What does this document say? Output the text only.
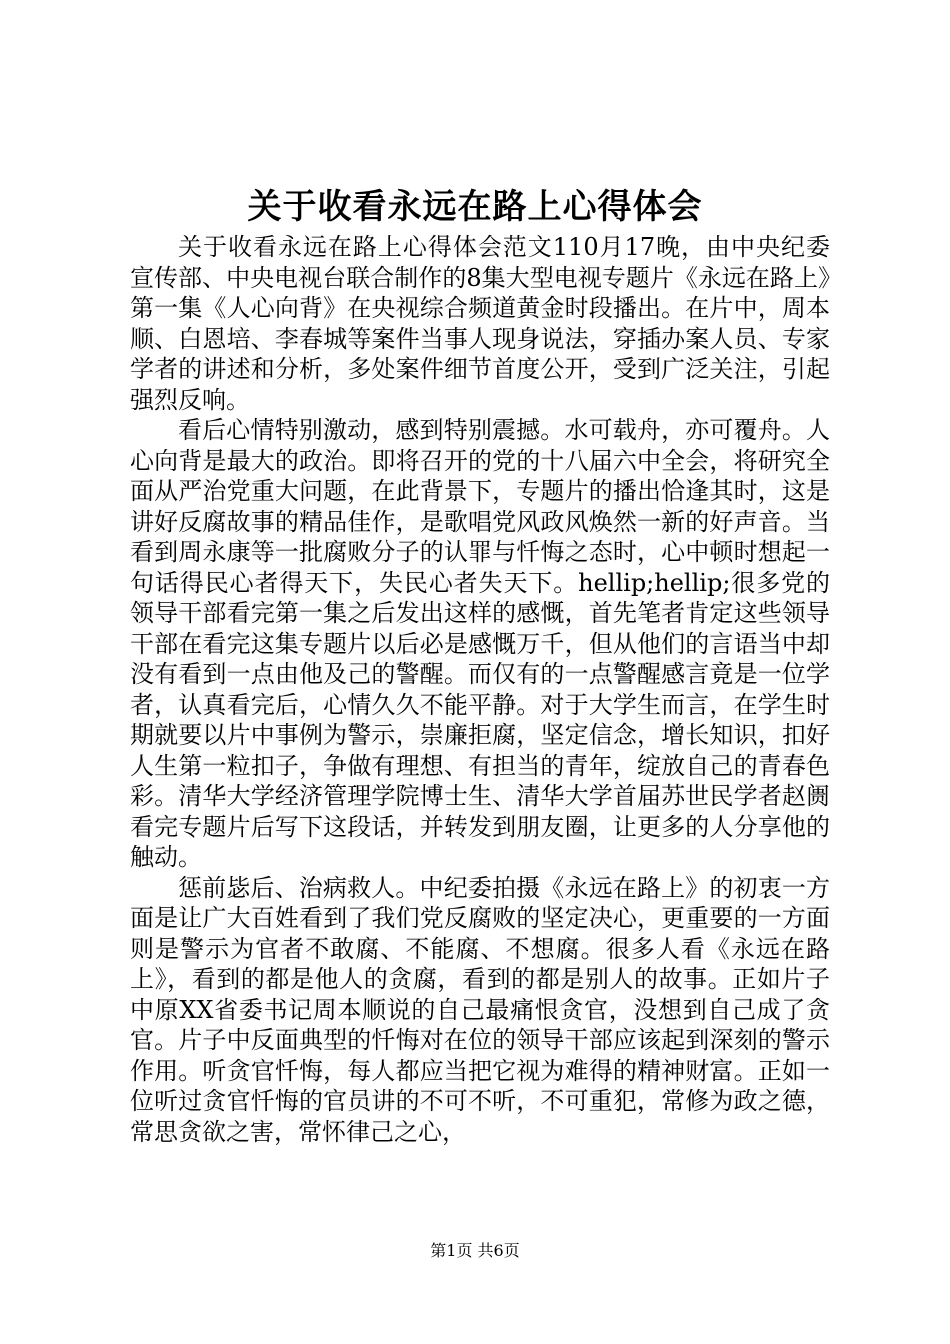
关于收看永远在路上心得体会

关于收看永远在路上心得体会范文110月17晚，由中央纪委宣传部、中央电视台联合制作的8集大型电视专题片《永远在路上》第一集《人心向背》在央视综合频道黄金时段播出。在片中，周本顺、白恩培、李春城等案件当事人现身说法，穿插办案人员、专家学者的讲述和分析，多处案件细节首度公开，受到广泛关注，引起强烈反响。

看后心情特别激动，感到特别震撼。水可载舟，亦可覆舟。人心向背是最大的政治。即将召开的党的十八届六中全会，将研究全面从严治党重大问题，在此背景下，专题片的播出恰逢其时，这是讲好反腐故事的精品佳作，是歌唱党风政风焕然一新的好声音。当看到周永康等一批腐败分子的认罪与忏悔之态时，心中顿时想起一句话得民心者得天下，失民心者失天下。hellip;hellip;很多党的领导干部看完第一集之后发出这样的感慨，首先笔者肯定这些领导干部在看完这集专题片以后必是感慨万千，但从他们的言语当中却没有看到一点由他及己的警醒。而仅有的一点警醒感言竟是一位学者，认真看完后，心情久久不能平静。对于大学生而言，在学生时期就要以片中事例为警示，崇廉拒腐，坚定信念，增长知识，扣好人生第一粒扣子，争做有理想、有担当的青年，绽放自己的青春色彩。清华大学经济管理学院博士生、清华大学首届苏世民学者赵阓看完专题片后写下这段话，并转发到朋友圈，让更多的人分享他的触动。

惩前毖后、治病救人。中纪委拍摄《永远在路上》的初衷一方面是让广大百姓看到了我们党反腐败的坚定决心，更重要的一方面则是警示为官者不敢腐、不能腐、不想腐。很多人看《永远在路上》，看到的都是他人的贪腐，看到的都是别人的故事。正如片子中原XX省委书记周本顺说的自己最痛恨贪官，没想到自己成了贪官。片子中反面典型的忏悔对在位的领导干部应该起到深刻的警示作用。听贪官忏悔，每人都应当把它视为难得的精神财富。正如一位听过贪官忏悔的官员讲的不可不听，不可重犯，常修为政之德，常思贪欲之害，常怀律己之心，

第1页 共6页
